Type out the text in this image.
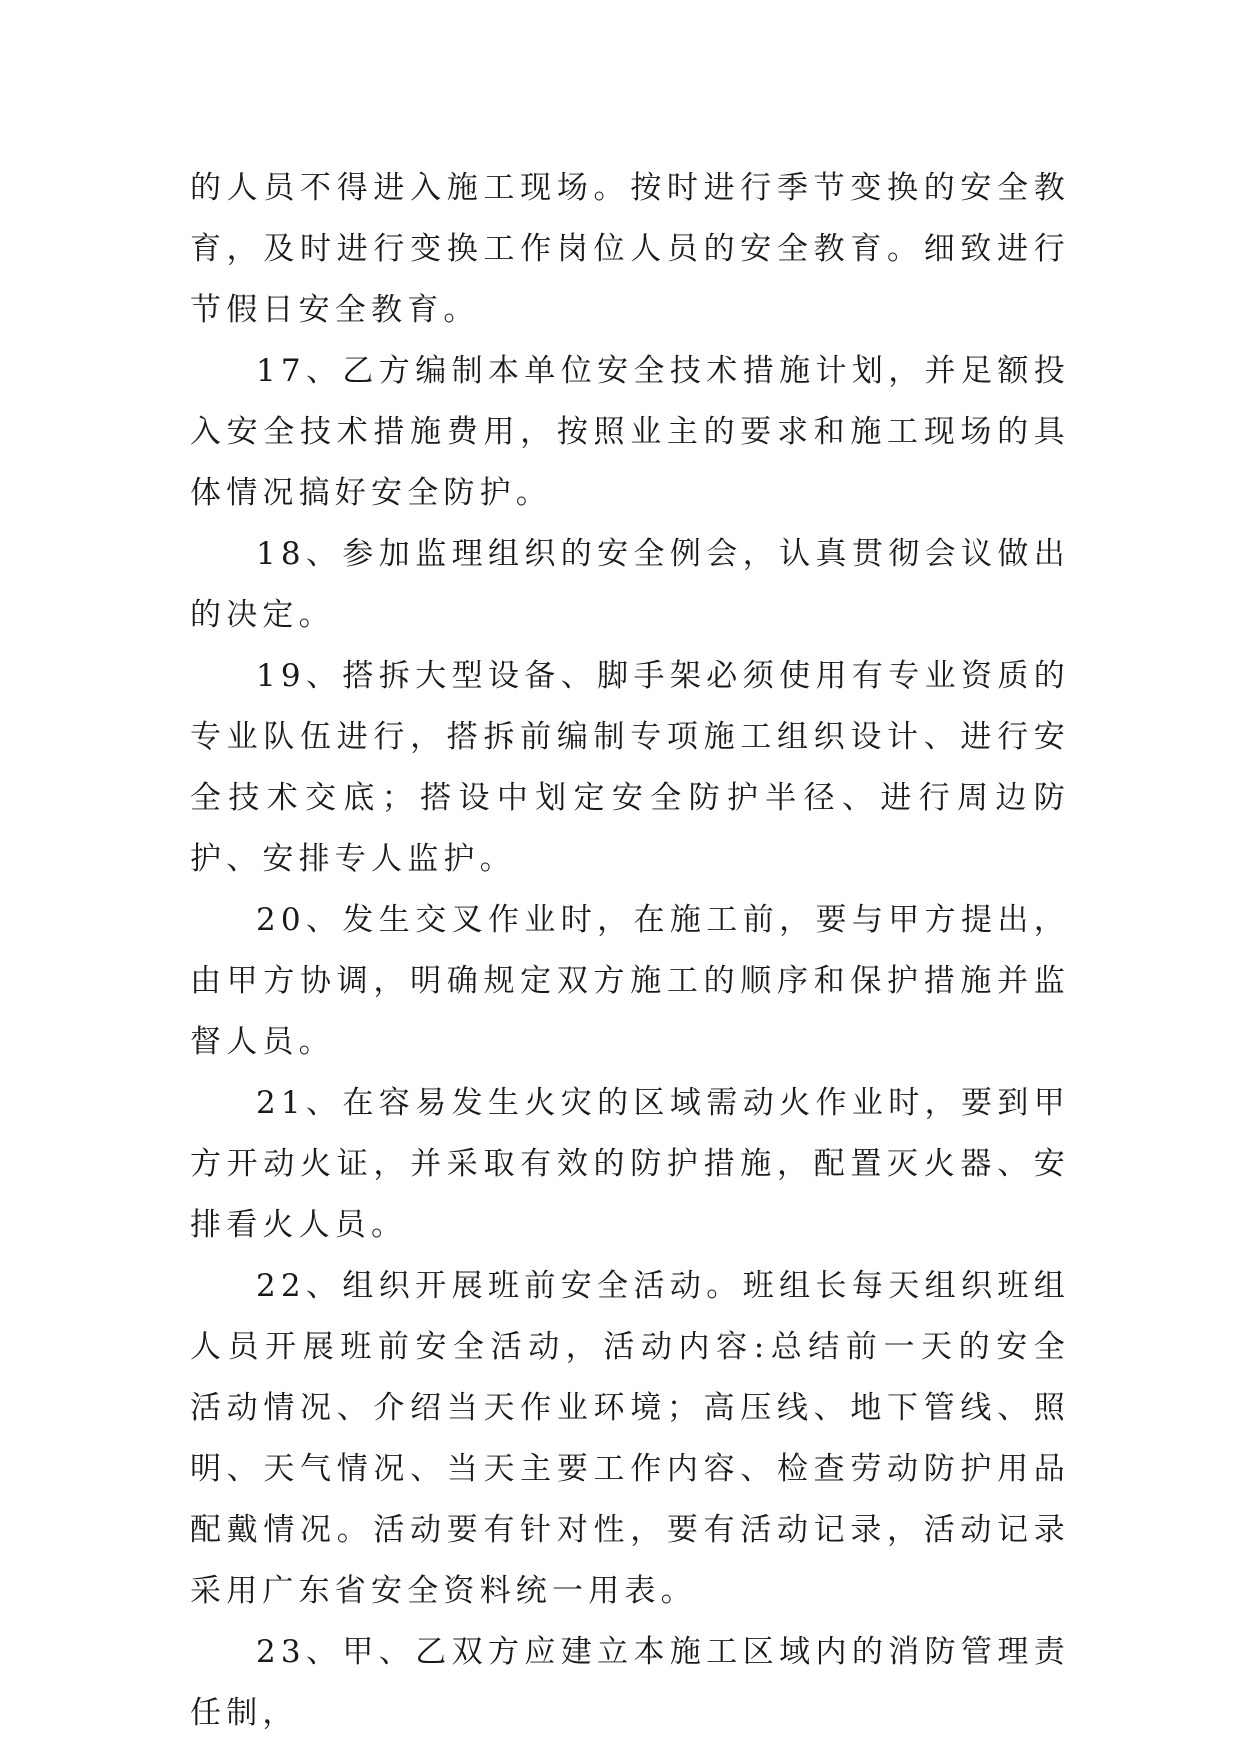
的人员不得进入施工现场。按时进行季节变换的安全教育，及时进行变换工作岗位人员的安全教育。细致进行节假日安全教育。

17、乙方编制本单位安全技术措施计划，并足额投入安全技术措施费用，按照业主的要求和施工现场的具体情况搞好安全防护。

18、参加监理组织的安全例会，认真贯彻会议做出的决定。

19、搭拆大型设备、脚手架必须使用有专业资质的专业队伍进行，搭拆前编制专项施工组织设计、进行安全技术交底；搭设中划定安全防护半径、进行周边防护、安排专人监护。

20、发生交叉作业时，在施工前，要与甲方提出，由甲方协调，明确规定双方施工的顺序和保护措施并监督人员。

21、在容易发生火灾的区域需动火作业时，要到甲方开动火证，并采取有效的防护措施，配置灭火器、安排看火人员。

22、组织开展班前安全活动。班组长每天组织班组人员开展班前安全活动，活动内容:总结前一天的安全活动情况、介绍当天作业环境；高压线、地下管线、照明、天气情况、当天主要工作内容、检查劳动防护用品配戴情况。活动要有针对性，要有活动记录，活动记录采用广东省安全资料统一用表。

23、甲、乙双方应建立本施工区域内的消防管理责任制，
